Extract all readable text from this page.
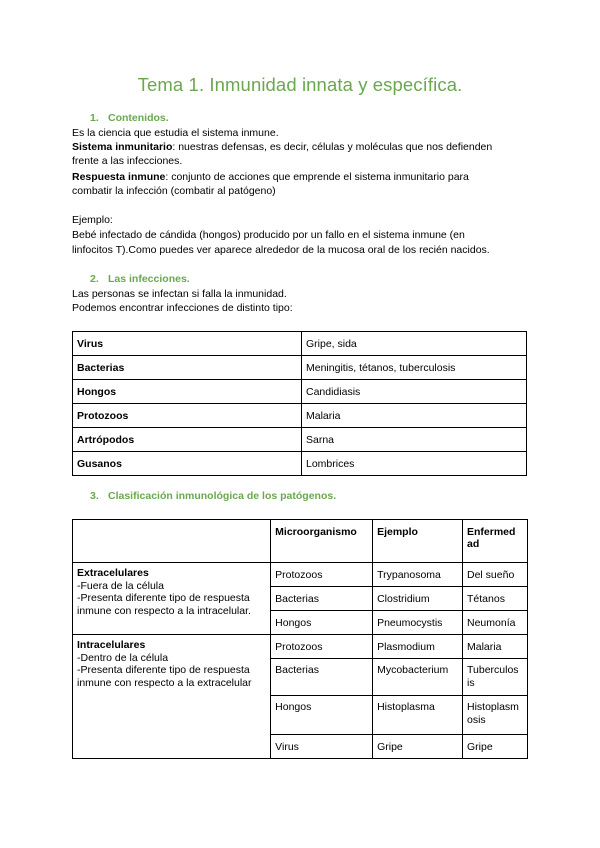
Tema 1. Inmunidad innata y específica.
1. Contenidos.
Es la ciencia que estudia el sistema inmune.
Sistema inmunitario: nuestras defensas, es decir, células y moléculas que nos defienden
frente a las infecciones.
Respuesta inmune: conjunto de acciones que emprende el sistema inmunitario para
combatir la infección (combatir al patógeno)
Ejemplo:
Bebé infectado de cándida (hongos) producido por un fallo en el sistema inmune (en
linfocitos T).Como puedes ver aparece alrededor de la mucosa oral de los recién nacidos.
2. Las infecciones.
Las personas se infectan si falla la inmunidad.
Podemos encontrar infecciones de distinto tipo:
Virus	Gripe, sida
Bacterias	Meningitis, tétanos, tuberculosis
Hongos	Candidiasis
Protozoos	Malaria
Artrópodos	Sarna
Gusanos	Lombrices
3. Clasificación inmunológica de los patógenos.
	Microorganismo	Ejemplo	Enfermed
ad
Extracelulares
-Fuera de la célula
-Presenta diferente tipo de respuesta
inmune con respecto a la intracelular.	Protozoos	Trypanosoma	Del sueño
	Bacterias	Clostridium	Tétanos
	Hongos	Pneumocystis	Neumonía
Intracelulares
-Dentro de la célula
-Presenta diferente tipo de respuesta
inmune con respecto a la extracelular	Protozoos	Plasmodium	Malaria
	Bacterias	Mycobacterium	Tuberculos
is
	Hongos	Histoplasma	Histoplasm
osis
	Virus	Gripe	Gripe
